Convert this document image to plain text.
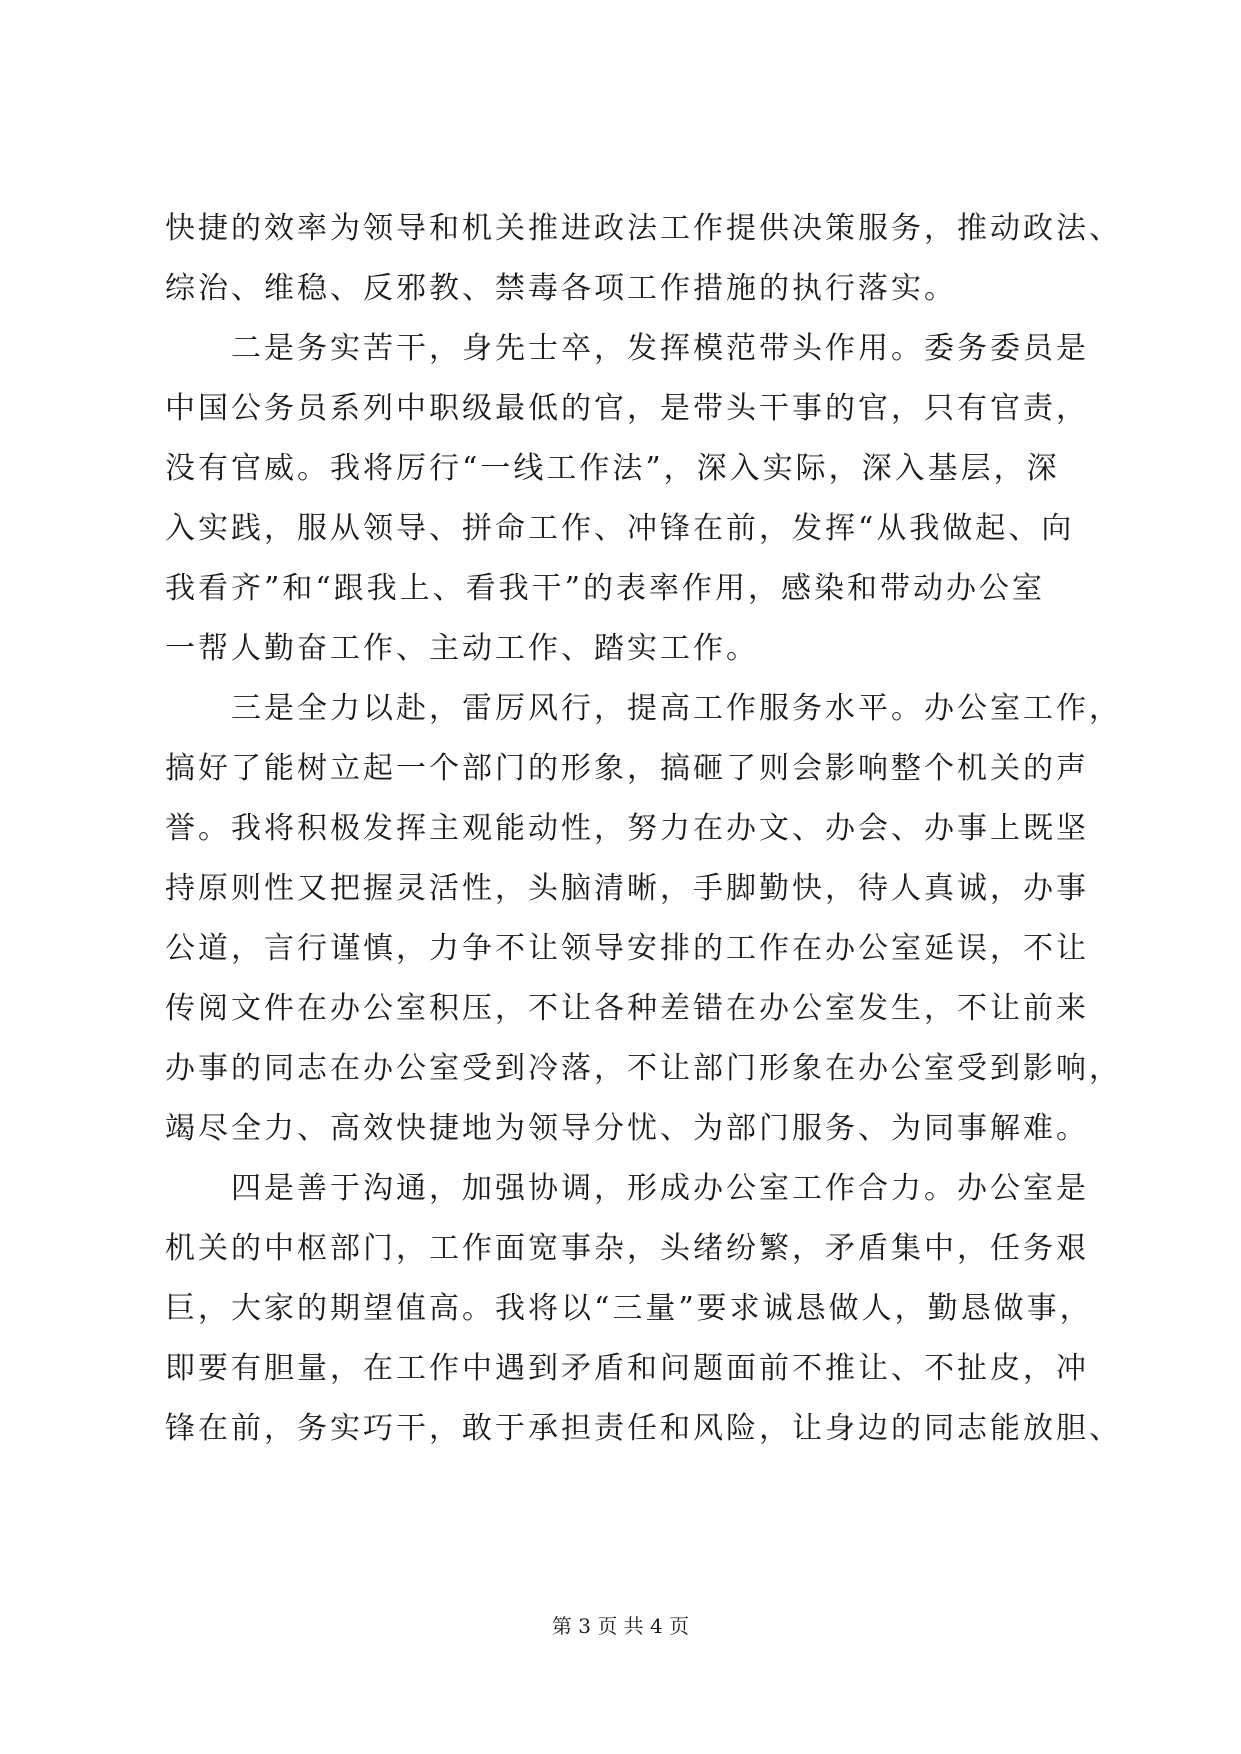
快捷的效率为领导和机关推进政法工作提供决策服务，推动政法、
综治、维稳、反邪教、禁毒各项工作措施的执行落实。
　　二是务实苦干，身先士卒，发挥模范带头作用。委务委员是
中国公务员系列中职级最低的官，是带头干事的官，只有官责，
没有官威。我将厉行“一线工作法”，深入实际，深入基层，深
入实践，服从领导、拼命工作、冲锋在前，发挥“从我做起、向
我看齐”和“跟我上、看我干”的表率作用，感染和带动办公室
一帮人勤奋工作、主动工作、踏实工作。
　　三是全力以赴，雷厉风行，提高工作服务水平。办公室工作，
搞好了能树立起一个部门的形象，搞砸了则会影响整个机关的声
誉。我将积极发挥主观能动性，努力在办文、办会、办事上既坚
持原则性又把握灵活性，头脑清晰，手脚勤快，待人真诚，办事
公道，言行谨慎，力争不让领导安排的工作在办公室延误，不让
传阅文件在办公室积压，不让各种差错在办公室发生，不让前来
办事的同志在办公室受到冷落，不让部门形象在办公室受到影响，
竭尽全力、高效快捷地为领导分忧、为部门服务、为同事解难。
　　四是善于沟通，加强协调，形成办公室工作合力。办公室是
机关的中枢部门，工作面宽事杂，头绪纷繁，矛盾集中，任务艰
巨，大家的期望值高。我将以“三量”要求诚恳做人，勤恳做事，
即要有胆量，在工作中遇到矛盾和问题面前不推让、不扯皮，冲
锋在前，务实巧干，敢于承担责任和风险，让身边的同志能放胆、
第 3 页 共 4 页
